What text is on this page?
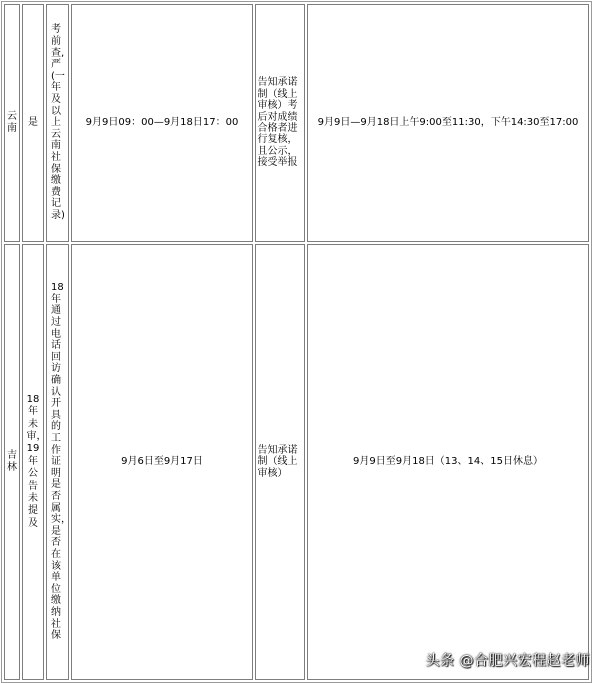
云南	是	考前查,严(一年及以上云南社保缴费记录)	9月9日09：00—9月18日17：00	告知承诺制（线上审核）考后对成绩合格者进行复核，且公示，接受举报	9月9日—9月18日上午9:00至11:30，下午14:30至17:00
吉林	18年未审，19年公告未提及	18年通过电话回访确认开具的工作证明是否属实，是否在该单位缴纳社保	9月6日至9月17日	告知承诺制（线上审核）	9月9日至9月18日（13、14、15日休息）
头条 @合肥兴宏程赵老师
